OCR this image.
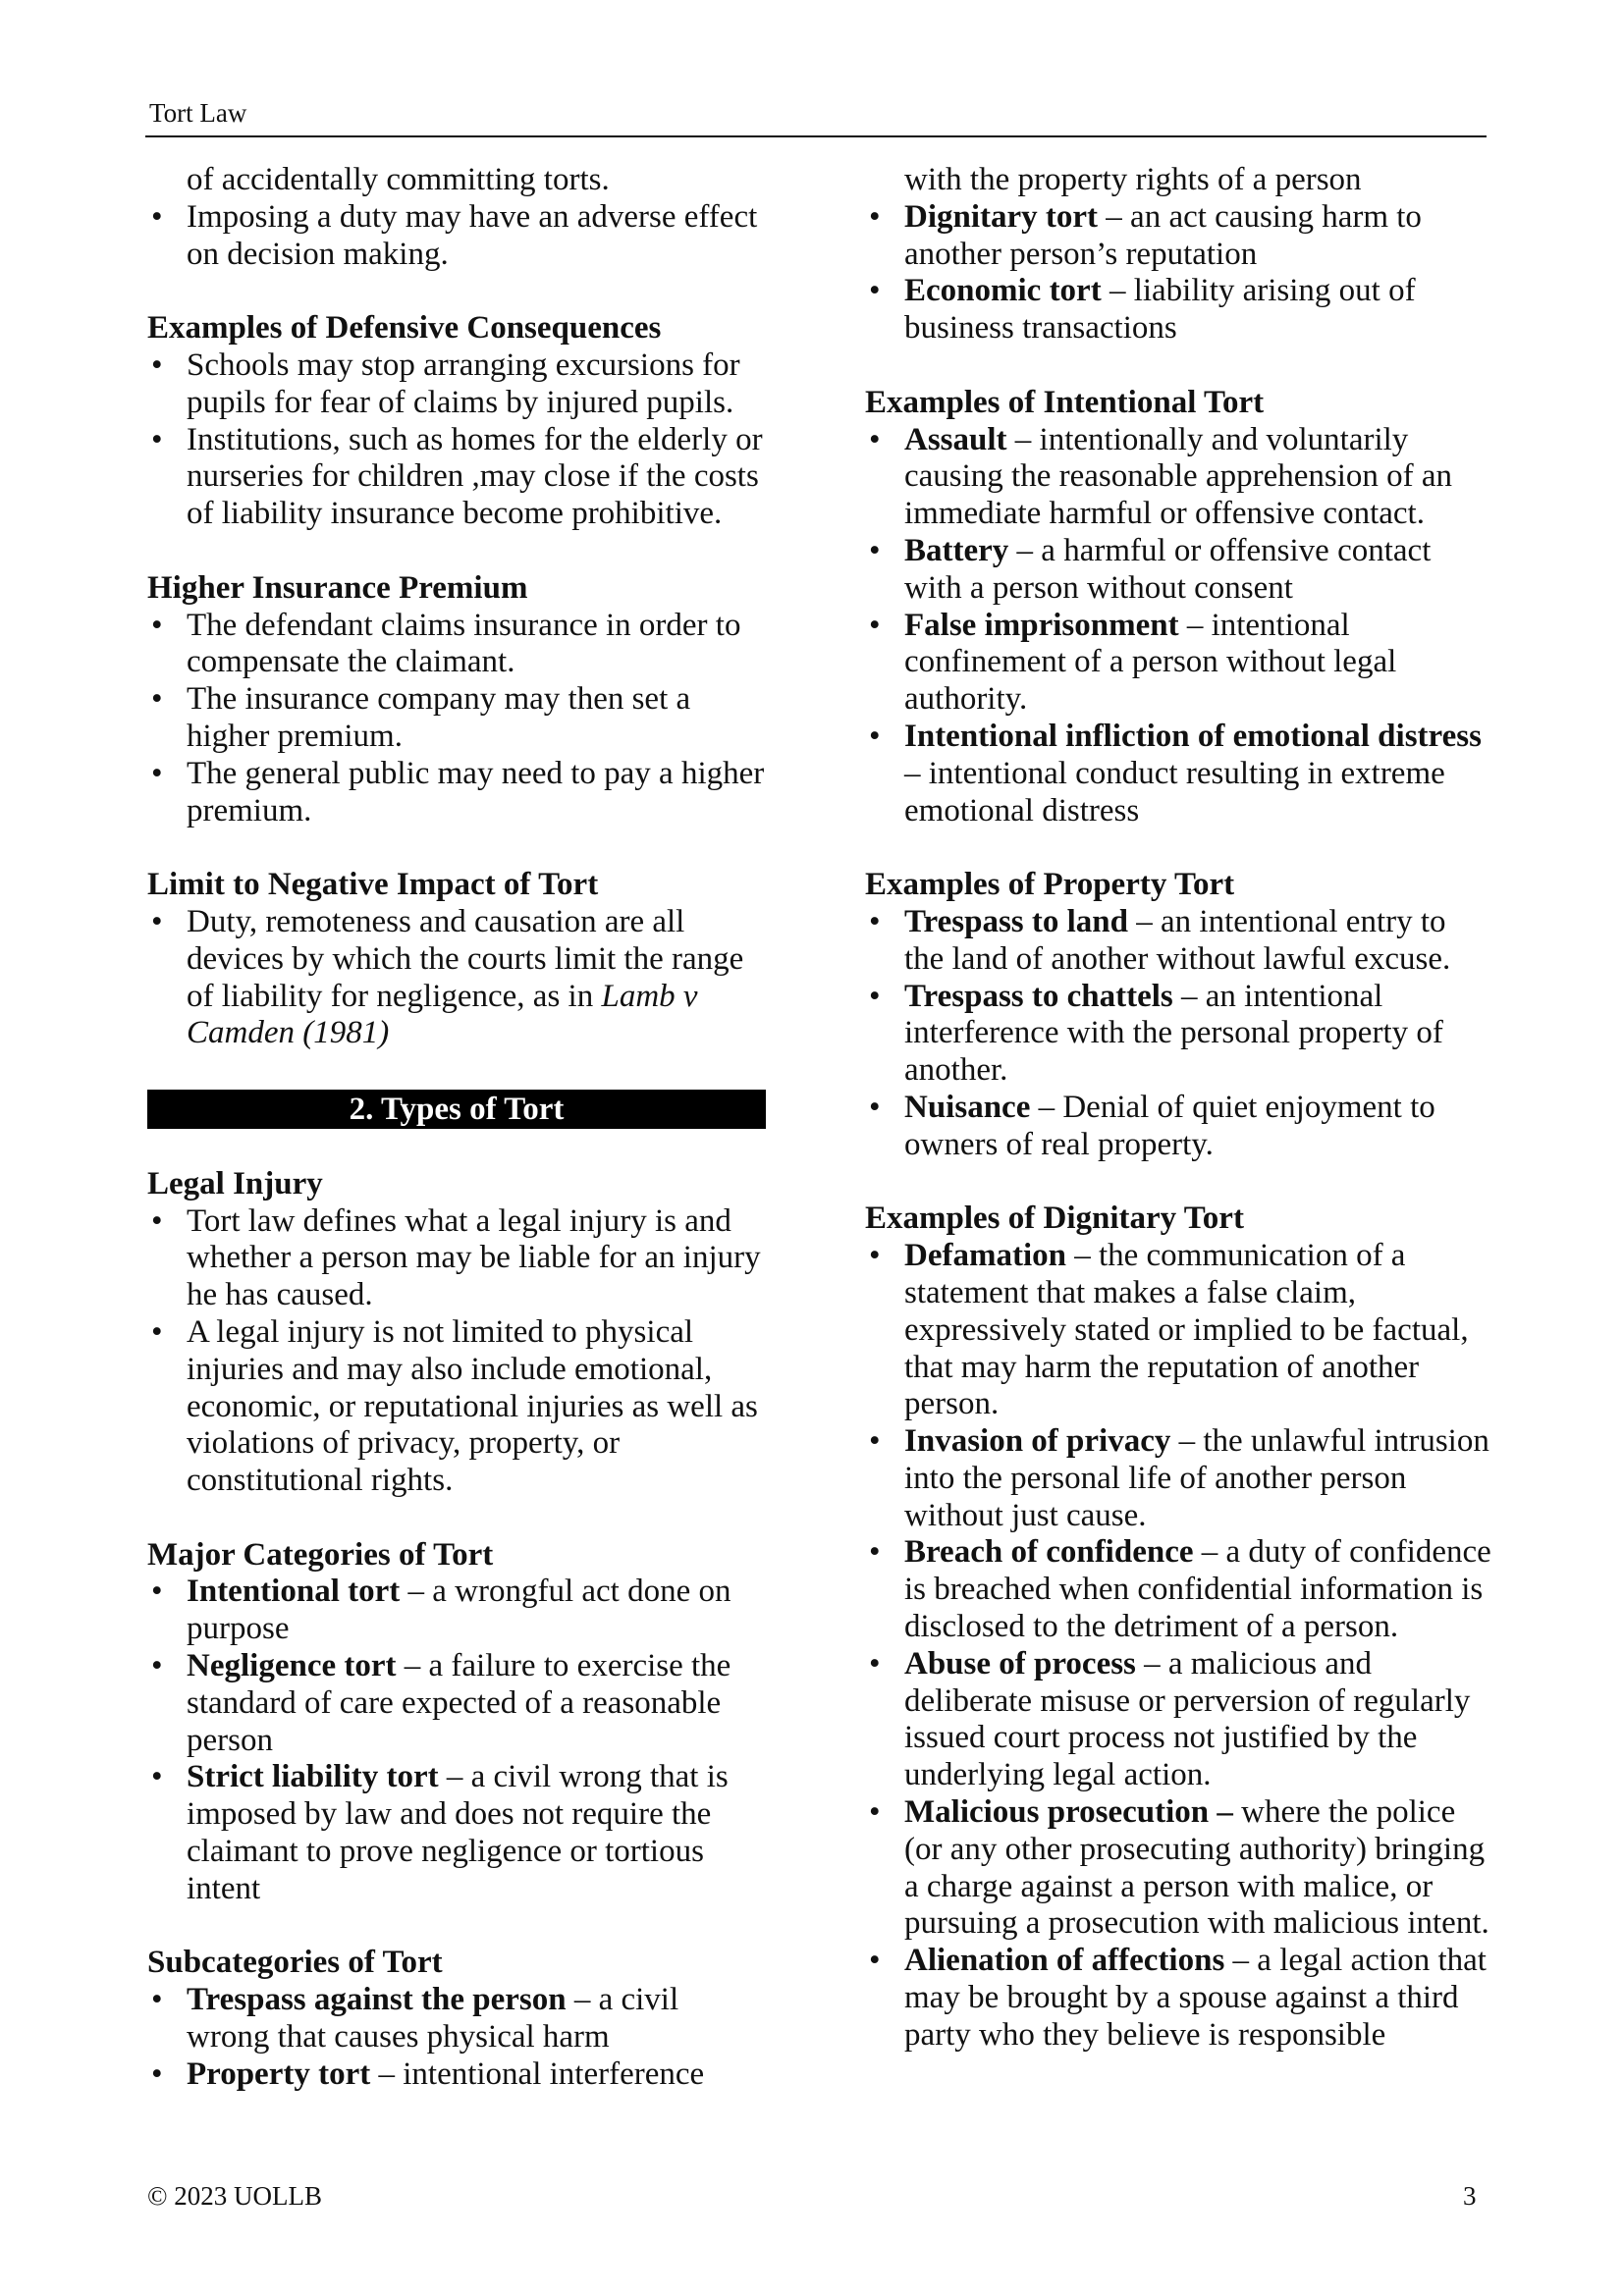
Tort Law
of accidentally committing torts.
• Imposing a duty may have an adverse effect on decision making.
Examples of Defensive Consequences
• Schools may stop arranging excursions for pupils for fear of claims by injured pupils.
• Institutions, such as homes for the elderly or nurseries for children ,may close if the costs of liability insurance become prohibitive.
Higher Insurance Premium
• The defendant claims insurance in order to compensate the claimant.
• The insurance company may then set a higher premium.
• The general public may need to pay a higher premium.
Limit to Negative Impact of Tort
• Duty, remoteness and causation are all devices by which the courts limit the range of liability for negligence, as in Lamb v Camden (1981)
2. Types of Tort
Legal Injury
• Tort law defines what a legal injury is and whether a person may be liable for an injury he has caused.
• A legal injury is not limited to physical injuries and may also include emotional, economic, or reputational injuries as well as violations of privacy, property, or constitutional rights.
Major Categories of Tort
• Intentional tort – a wrongful act done on purpose
• Negligence tort – a failure to exercise the standard of care expected of a reasonable person
• Strict liability tort – a civil wrong that is imposed by law and does not require the claimant to prove negligence or tortious intent
Subcategories of Tort
• Trespass against the person – a civil wrong that causes physical harm
• Property tort – intentional interference
with the property rights of a person
• Dignitary tort – an act causing harm to another person’s reputation
• Economic tort – liability arising out of business transactions
Examples of Intentional Tort
• Assault – intentionally and voluntarily causing the reasonable apprehension of an immediate harmful or offensive contact.
• Battery – a harmful or offensive contact with a person without consent
• False imprisonment – intentional confinement of a person without legal authority.
• Intentional infliction of emotional distress – intentional conduct resulting in extreme emotional distress
Examples of Property Tort
• Trespass to land – an intentional entry to the land of another without lawful excuse.
• Trespass to chattels – an intentional interference with the personal property of another.
• Nuisance – Denial of quiet enjoyment to owners of real property.
Examples of Dignitary Tort
• Defamation – the communication of a statement that makes a false claim, expressively stated or implied to be factual, that may harm the reputation of another person.
• Invasion of privacy – the unlawful intrusion into the personal life of another person without just cause.
• Breach of confidence – a duty of confidence is breached when confidential information is disclosed to the detriment of a person.
• Abuse of process – a malicious and deliberate misuse or perversion of regularly issued court process not justified by the underlying legal action.
• Malicious prosecution – where the police (or any other prosecuting authority) bringing a charge against a person with malice, or pursuing a prosecution with malicious intent.
• Alienation of affections – a legal action that may be brought by a spouse against a third party who they believe is responsible
© 2023 UOLLB	3
